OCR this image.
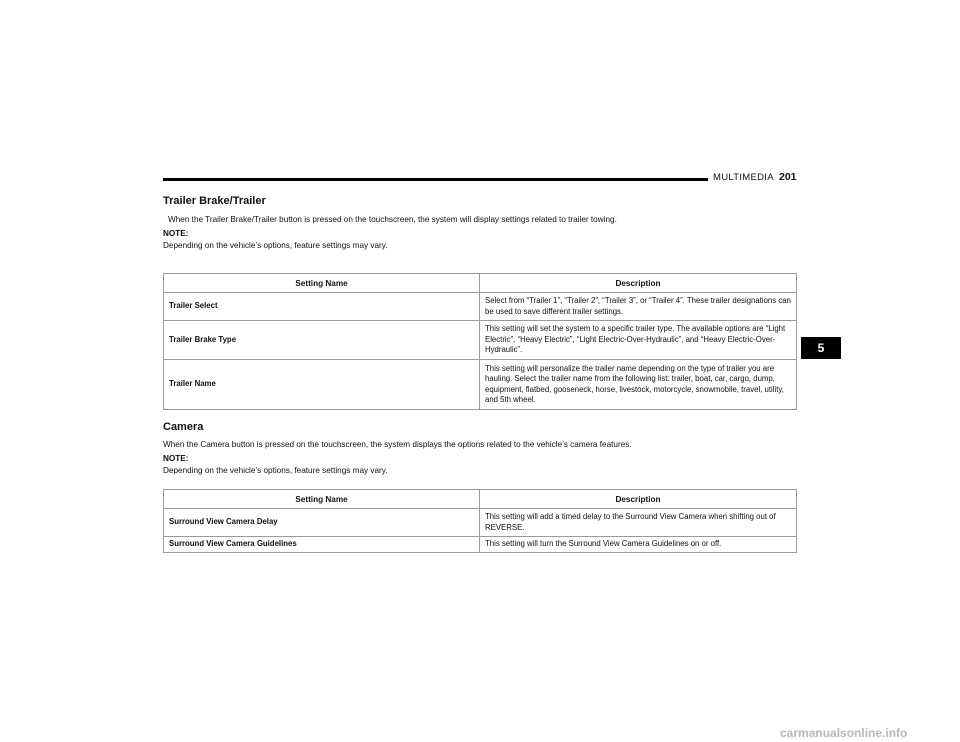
MULTIMEDIA 201
5
Trailer Brake/Trailer

When the Trailer Brake/Trailer button is pressed on the touchscreen, the system will display settings related to trailer towing.

NOTE:

Depending on the vehicle’s options, feature settings may vary.

Setting Name	Description
Trailer Select	Select from “Trailer 1”, “Trailer 2”, “Trailer 3”, or “Trailer 4”. These trailer designations can be used to save different trailer settings.
Trailer Brake Type	This setting will set the system to a specific trailer type. The available options are “Light Electric”, “Heavy Electric”, “Light Electric-Over-Hydraulic”, and “Heavy Electric-Over-Hydraulic”.
Trailer Name	This setting will personalize the trailer name depending on the type of trailer you are hauling. Select the trailer name from the following list: trailer, boat, car, cargo, dump, equipment, flatbed, gooseneck, horse, livestock, motorcycle, snowmobile, travel, utility, and 5th wheel.
Camera

When the Camera button is pressed on the touchscreen, the system displays the options related to the vehicle’s camera features.

NOTE:

Depending on the vehicle’s options, feature settings may vary.

Setting Name	Description
Surround View Camera Delay	This setting will add a timed delay to the Surround View Camera when shifting out of REVERSE.
Surround View Camera Guidelines	This setting will turn the Surround View Camera Guidelines on or off.
carmanualsonline.info
